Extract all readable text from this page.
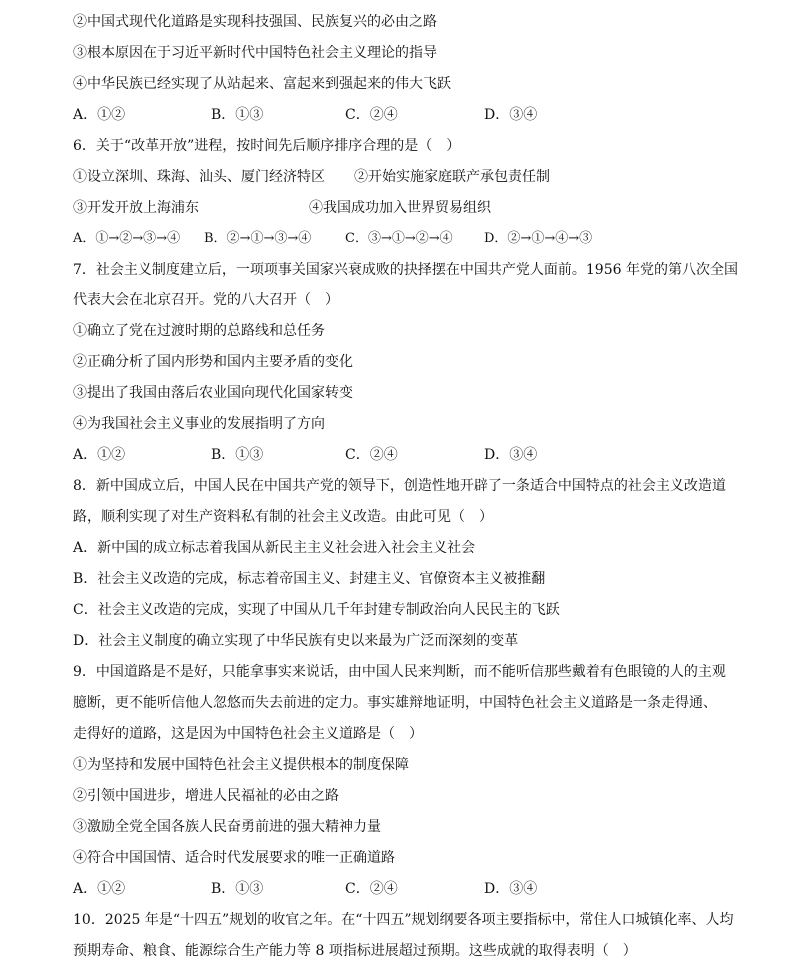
②中国式现代化道路是实现科技强国、民族复兴的必由之路
③根本原因在于习近平新时代中国特色社会主义理论的指导
④中华民族已经实现了从站起来、富起来到强起来的伟大飞跃
A．①②	B．①③	C．②④	D．③④
6．关于“改革开放”进程，按时间先后顺序排序合理的是（　）
①设立深圳、珠海、汕头、厦门经济特区 ②开始实施家庭联产承包责任制
③开发开放上海浦东	④我国成功加入世界贸易组织
A．①→②→③→④ B．②→①→③→④	C．③→①→②→④ D．②→①→④→③
7．社会主义制度建立后，一项项事关国家兴衰成败的抉择摆在中国共产党人面前。1956 年党的第八次全国
代表大会在北京召开。党的八大召开（　）
①确立了党在过渡时期的总路线和总任务
②正确分析了国内形势和国内主要矛盾的变化
③提出了我国由落后农业国向现代化国家转变
④为我国社会主义事业的发展指明了方向
A．①②	B．①③	C．②④	D．③④
8．新中国成立后，中国人民在中国共产党的领导下，创造性地开辟了一条适合中国特点的社会主义改造道
路，顺利实现了对生产资料私有制的社会主义改造。由此可见（　）
A．新中国的成立标志着我国从新民主主义社会进入社会主义社会
B．社会主义改造的完成，标志着帝国主义、封建主义、官僚资本主义被推翻
C．社会主义改造的完成，实现了中国从几千年封建专制政治向人民民主的飞跃
D．社会主义制度的确立实现了中华民族有史以来最为广泛而深刻的变革
9．中国道路是不是好，只能拿事实来说话，由中国人民来判断，而不能听信那些戴着有色眼镜的人的主观
臆断，更不能听信他人忽悠而失去前进的定力。事实雄辩地证明，中国特色社会主义道路是一条走得通、
走得好的道路，这是因为中国特色社会主义道路是（　）
①为坚持和发展中国特色社会主义提供根本的制度保障
②引领中国进步，增进人民福祉的必由之路
③激励全党全国各族人民奋勇前进的强大精神力量
④符合中国国情、适合时代发展要求的唯一正确道路
A．①②	B．①③	C．②④	D．③④
10．2025 年是“十四五”规划的收官之年。在“十四五”规划纲要各项主要指标中，常住人口城镇化率、人均
预期寿命、粮食、能源综合生产能力等 8 项指标进展超过预期。这些成就的取得表明（　）
